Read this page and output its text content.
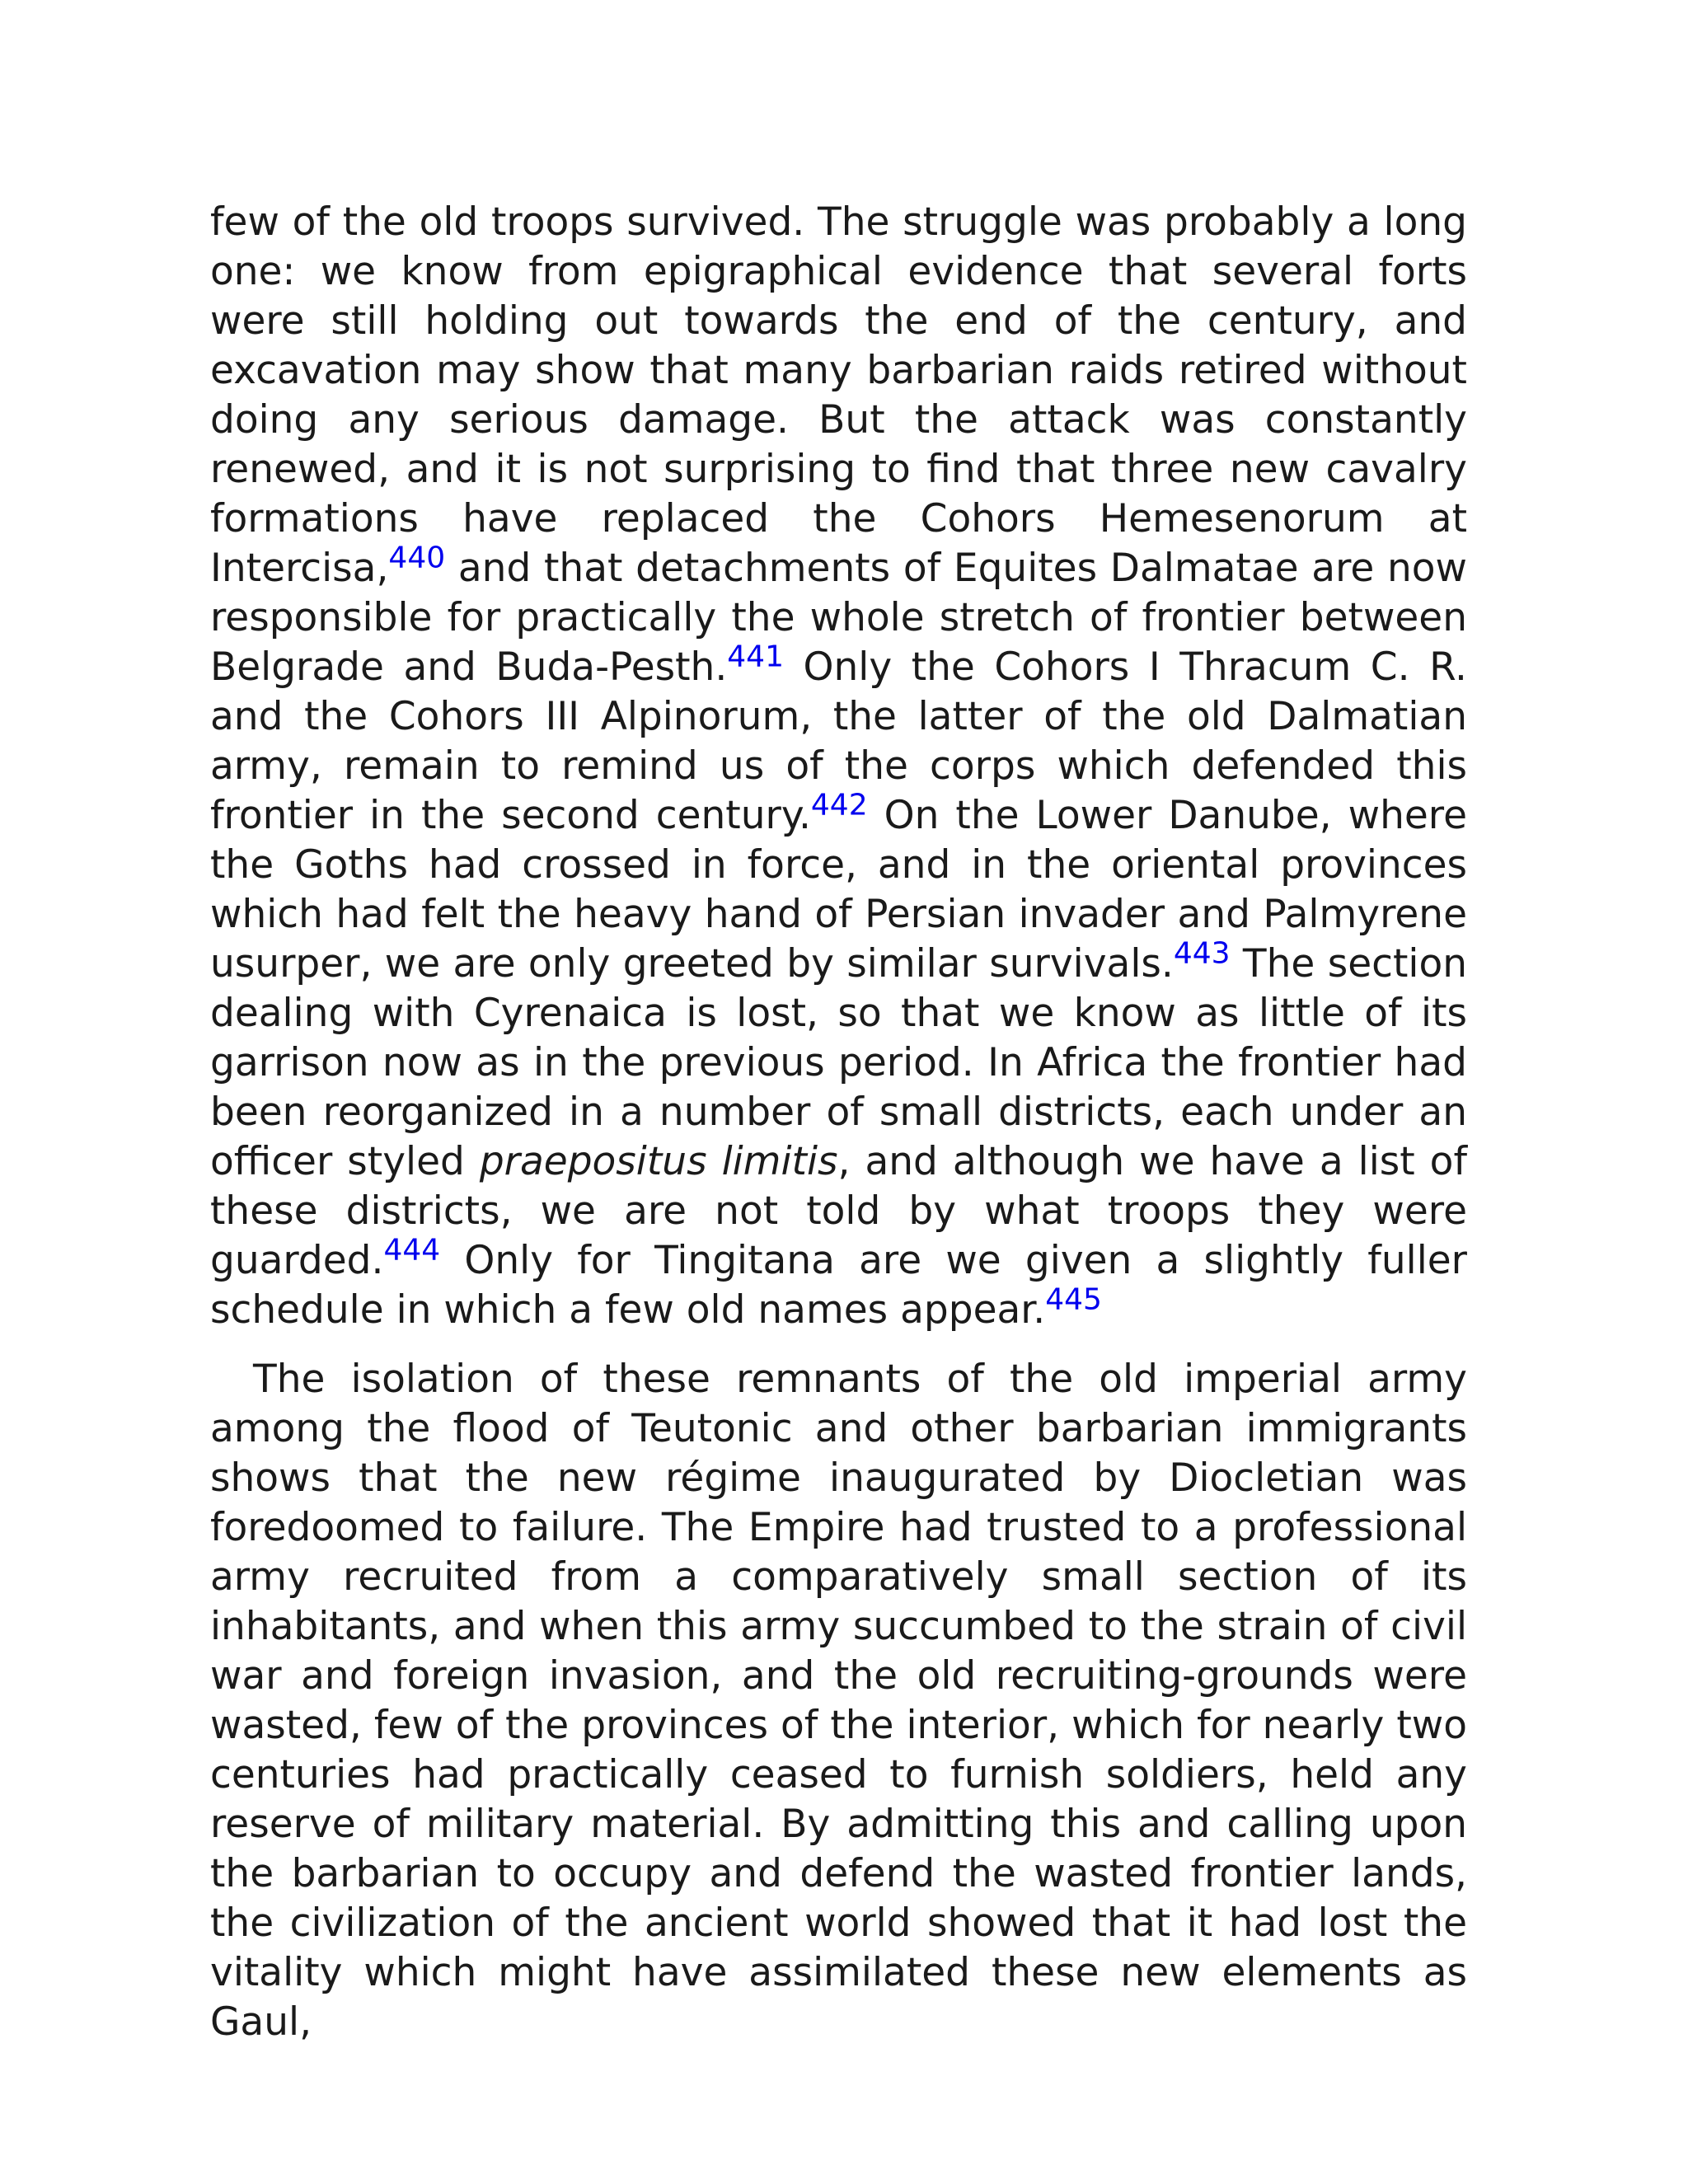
few of the old troops survived. The struggle was probably a long one: we know from epigraphical evidence that several forts were still holding out towards the end of the century, and excavation may show that many barbarian raids retired without doing any serious damage. But the attack was constantly renewed, and it is not surprising to find that three new cavalry formations have replaced the Cohors Hemesenorum at Intercisa,$^{440}$ and that detachments of Equites Dalmatae are now responsible for practically the whole stretch of frontier between Belgrade and Buda-Pesth.$^{441}$ Only the Cohors I Thracum C. R. and the Cohors III Alpinorum, the latter of the old Dalmatian army, remain to remind us of the corps which defended this frontier in the second century.$^{442}$ On the Lower Danube, where the Goths had crossed in force, and in the oriental provinces which had felt the heavy hand of Persian invader and Palmyrene usurper, we are only greeted by similar survivals.$^{443}$ The section dealing with Cyrenaica is lost, so that we know as little of its garrison now as in the previous period. In Africa the frontier had been reorganized in a number of small districts, each under an officer styled praepositus limitis, and although we have a list of these districts, we are not told by what troops they were guarded.$^{444}$ Only for Tingitana are we given a slightly fuller schedule in which a few old names appear.$^{445}$

The isolation of these remnants of the old imperial army among the flood of Teutonic and other barbarian immigrants shows that the new régime inaugurated by Diocletian was foredoomed to failure. The Empire had trusted to a professional army recruited from a comparatively small section of its inhabitants, and when this army succumbed to the strain of civil war and foreign invasion, and the old recruiting-grounds were wasted, few of the provinces of the interior, which for nearly two centuries had practically ceased to furnish soldiers, held any reserve of military material. By admitting this and calling upon the barbarian to occupy and defend the wasted frontier lands, the civilization of the ancient world showed that it had lost the vitality which might have assimilated these new elements as Gaul,
